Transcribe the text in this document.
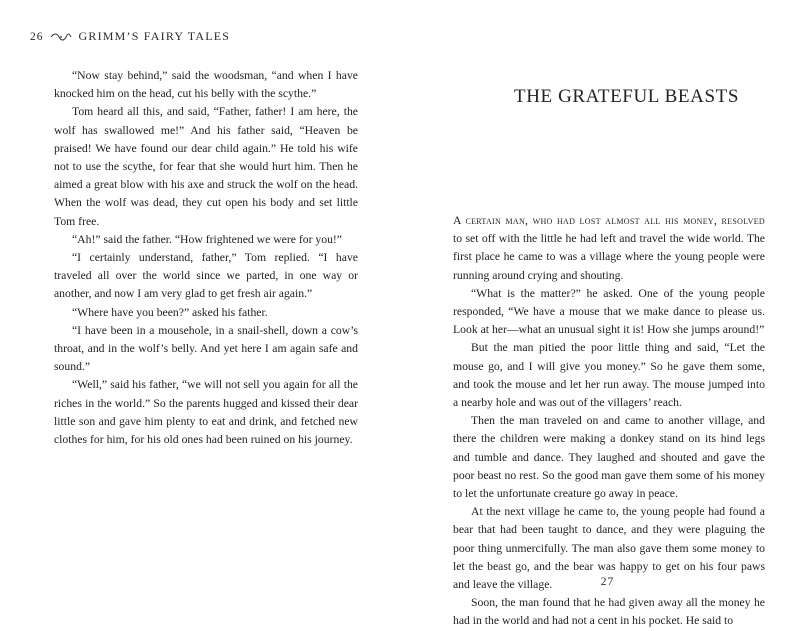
26	GRIMM’S FAIRY TALES

“Now stay behind,” said the woodsman, “and when I have knocked him on the head, cut his belly with the scythe.”

Tom heard all this, and said, “Father, father! I am here, the wolf has swallowed me!” And his father said, “Heaven be praised! We have found our dear child again.” He told his wife not to use the scythe, for fear that she would hurt him. Then he aimed a great blow with his axe and struck the wolf on the head. When the wolf was dead, they cut open his body and set little Tom free.

“Ah!” said the father. “How frightened we were for you!”

“I certainly understand, father,” Tom replied. “I have traveled all over the world since we parted, in one way or another, and now I am very glad to get fresh air again.”

“Where have you been?” asked his father.

“I have been in a mousehole, in a snail-shell, down a cow’s throat, and in the wolf’s belly. And yet here I am again safe and sound.”

“Well,” said his father, “we will not sell you again for all the riches in the world.” So the parents hugged and kissed their dear little son and gave him plenty to eat and drink, and fetched new clothes for him, for his old ones had been ruined on his journey.

THE GRATEFUL BEASTS

A certain man, who had lost almost all his money, resolved to set off with the little he had left and travel the wide world. The first place he came to was a village where the young people were running around crying and shouting.

“What is the matter?” he asked. One of the young people responded, “We have a mouse that we make dance to please us. Look at her—what an unusual sight it is! How she jumps around!”

But the man pitied the poor little thing and said, “Let the mouse go, and I will give you money.” So he gave them some, and took the mouse and let her run away. The mouse jumped into a nearby hole and was out of the villagers’ reach.

Then the man traveled on and came to another village, and there the children were making a donkey stand on its hind legs and tumble and dance. They laughed and shouted and gave the poor beast no rest. So the good man gave them some of his money to let the unfortunate creature go away in peace.

At the next village he came to, the young people had found a bear that had been taught to dance, and they were plaguing the poor thing unmercifully. The man also gave them some money to let the beast go, and the bear was happy to get on his four paws and leave the village.

Soon, the man found that he had given away all the money he had in the world and had not a cent in his pocket. He said to

27
